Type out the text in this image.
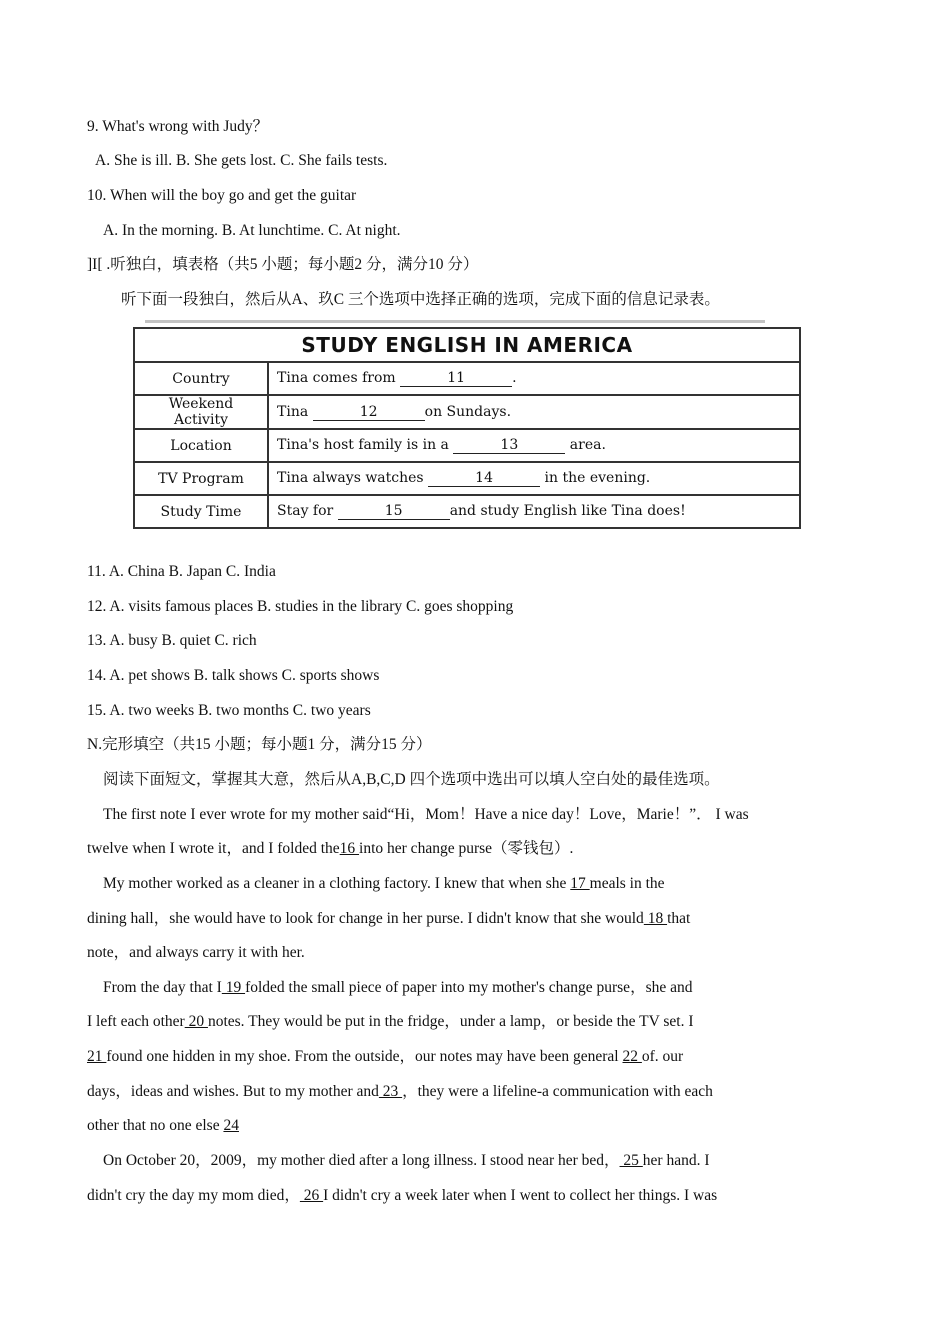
9. What's wrong with Judy？
A. She is ill. B. She gets lost. C. She fails tests.
10. When will the boy go and get the guitar
A. In the morning. B. At lunchtime. C. At night.
]I[ .听独白，填表格（共5 小题；每小题2 分，满分10 分）
听下面一段独白，然后从A、玖C 三个选项中选择正确的选项，完成下面的信息记录表。
STUDY ENGLISH IN AMERICA	
Country	Tina comes from 11 .
Weekend Activity	Tina 12 on Sundays.
Location	Tina's host family is in a 13 area.
TV Program	Tina always watches 14 in the evening.
Study Time	Stay for 15 and study English like Tina does!
11. A. China B. Japan C. India
12. A. visits famous places B. studies in the library C. goes shopping
13. A. busy B. quiet C. rich
14. A. pet shows B. talk shows C. sports shows
15. A. two weeks B. two months C. two years
N.完形填空（共15 小题；每小题1 分，满分15 分）
阅读下面短文，掌握其大意，然后从A,B,C,D 四个选项中选出可以填人空白处的最佳选项。
The first note I ever wrote for my mother said“Hi，Mom！Have a nice day！Love，Marie！”． I was
twelve when I wrote it，and I folded the16 into her change purse（零钱包）.
My mother worked as a cleaner in a clothing factory. I knew that when she 17 meals in the
dining hall，she would have to look for change in her purse. I didn't know that she would 18 that
note，and always carry it with her.
From the day that I 19 folded the small piece of paper into my mother's change purse，she and
I left each other 20 notes. They would be put in the fridge，under a lamp，or beside the TV set. I
21 found one hidden in my shoe. From the outside，our notes may have been general 22 of. our
days，ideas and wishes. But to my mother and 23 ，they were a lifeline-a communication with each
other that no one else 24
On October 20，2009，my mother died after a long illness. I stood near her bed， 25 her hand. I
didn't cry the day my mom died， 26 I didn't cry a week later when I went to collect her things. I was
